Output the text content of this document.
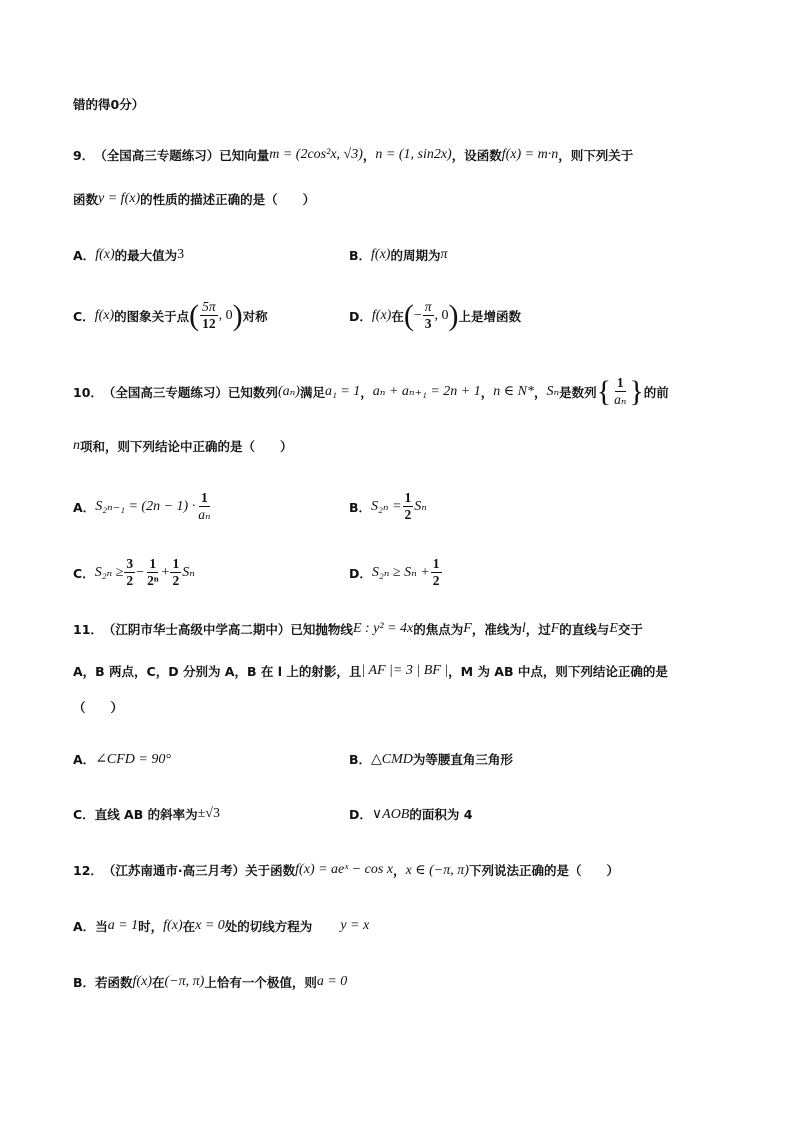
错的得0分）
9． （全国高三专题练习） 已知向量 m = (2cos²x, √3) ， n = (1, sin2x) ，设函数 f(x) = m·n ，则下列关于
函数 y = f(x) 的性质的描述正确的是（　　）
A． f(x) 的最大值为 3	B． f(x) 的周期为 π
C． f(x) 的图象关于点 ( $\frac{5\pi}{12}$ , 0 ) 对称	D． f(x) 在 ( − $\frac{\pi}{3}$ , 0 ) 上是增函数
10． （全国高三专题练习） 已知数列 (aₙ) 满足 a₁ = 1 ， aₙ + aₙ₊₁ = 2n + 1 ， n ∈ N* ， Sₙ 是数列 { $\frac{1}{\text{aₙ}}$ } 的前
n 项和，则下列结论中正确的是（　　）
A． $S_{2n-1} = (2n - 1) \cdot \frac{1}{\text{aₙ}}$	B． $S_{2n} = \frac{1}{2}$ Sₙ
C． $S_{2n} \ge \frac{3}{2} - \frac{1}{\text{2ⁿ}} + \frac{1}{2}$ Sₙ	D． $S_{2n} \ge S_n + \frac{1}{2}$
11． （江阴市华士高级中学高二期中） 已知抛物线 E : y² = 4x 的焦点为 F ，准线为 l ，过 F 的直线与 E 交于
A，B 两点，C，D 分别为 A，B 在 l 上的射影，且 | AF |= 3 | BF | ，M 为 AB 中点，则下列结论正确的是
（　　）
A． ∠CFD = 90°	B． △CMD 为等腰直角三角形
C． 直线 AB 的斜率为 ±√3	D． ∨AOB 的面积为 4
12． （江苏南通市·高三月考） 关于函数 f(x) = aeˣ − cos x ， x ∈ (−π, π) 下列说法正确的是（　　）
A． 当 a = 1 时， f(x) 在 x = 0 处的切线方程为 y = x
B． 若函数 f(x) 在 (−π, π) 上恰有一个极值，则 a = 0
